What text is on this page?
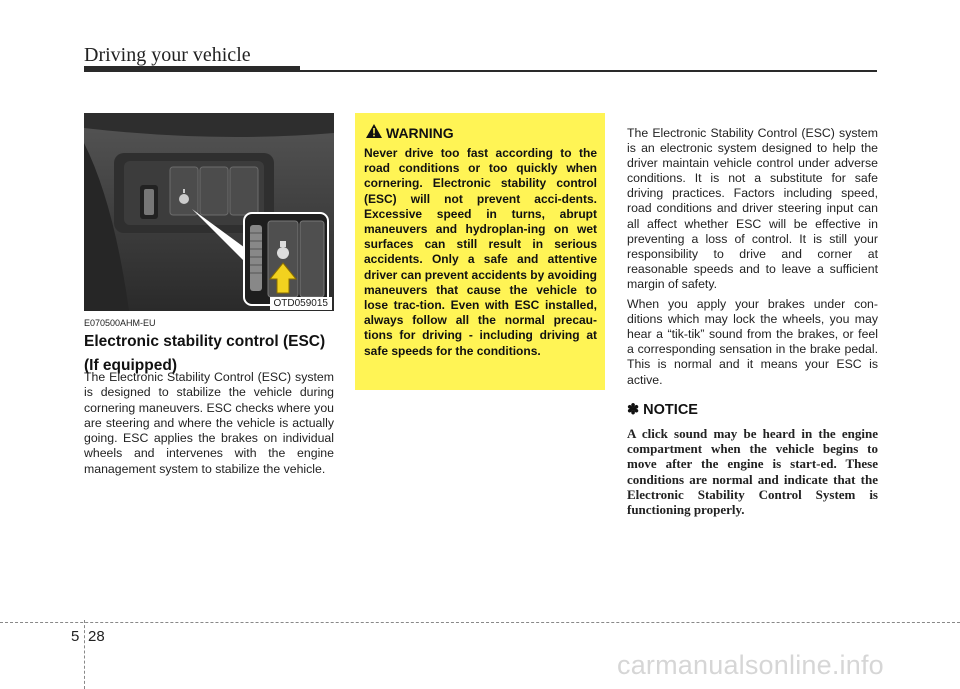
Driving your vehicle
OTD059015
E070500AHM-EU
Electronic stability control (ESC) (If equipped)
The Electronic Stability Control (ESC) system is designed to stabilize the vehicle during cornering maneuvers. ESC checks where you are steering and where the vehicle is actually going. ESC applies the brakes on individual wheels and intervenes with the engine management system to stabilize the vehicle.
WARNING
Never drive too fast according to the road conditions or too quickly when cornering. Electronic stability control (ESC) will not prevent acci-dents. Excessive speed in turns, abrupt maneuvers and hydroplan-ing on wet surfaces can still result in serious accidents. Only a safe and attentive driver can prevent accidents by avoiding maneuvers that cause the vehicle to lose trac-tion. Even with ESC installed, always follow all the normal precau-tions for driving - including driving at safe speeds for the conditions.

The Electronic Stability Control (ESC) system is an electronic system designed to help the driver maintain vehicle control under adverse conditions. It is not a substitute for safe driving practices. Factors including speed, road conditions and driver steering input can all affect whether ESC will be effective in preventing a loss of control. It is still your responsibility to drive and corner at reasonable speeds and to leave a sufficient margin of safety.

When you apply your brakes under con-ditions which may lock the wheels, you may hear a “tik-tik” sound from the brakes, or feel a corresponding sensation in the brake pedal. This is normal and it means your ESC is active.

✽ NOTICE
A click sound may be heard in the engine compartment when the vehicle begins to move after the engine is start-ed. These conditions are normal and indicate that the Electronic Stability Control System is functioning properly.
5 28
carmanualsonline.info
